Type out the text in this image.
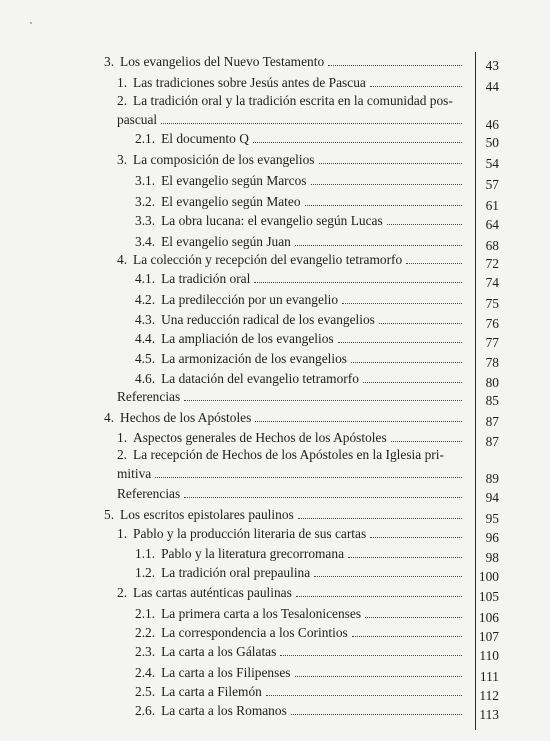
3. Los evangelios del Nuevo Testamento	43
1. Las tradiciones sobre Jesús antes de Pascua	44
2. La tradición oral y la tradición escrita en la comunidad pos-
pascual	46
2.1. El documento Q	50
3. La composición de los evangelios	54
3.1. El evangelio según Marcos	57
3.2. El evangelio según Mateo	61
3.3. La obra lucana: el evangelio según Lucas	64
3.4. El evangelio según Juan	68
4. La colección y recepción del evangelio tetramorfo	72
4.1. La tradición oral	74
4.2. La predilección por un evangelio	75
4.3. Una reducción radical de los evangelios	76
4.4. La ampliación de los evangelios	77
4.5. La armonización de los evangelios	78
4.6. La datación del evangelio tetramorfo	80
Referencias	85
4. Hechos de los Apóstoles	87
1. Aspectos generales de Hechos de los Apóstoles	87
2. La recepción de Hechos de los Apóstoles en la Iglesia pri-
mitiva	89
Referencias	94
5. Los escritos epistolares paulinos	95
1. Pablo y la producción literaria de sus cartas	96
1.1. Pablo y la literatura grecorromana	98
1.2. La tradición oral prepaulina	100
2. Las cartas auténticas paulinas	105
2.1. La primera carta a los Tesalonicenses	106
2.2. La correspondencia a los Corintios	107
2.3. La carta a los Gálatas	110
2.4. La carta a los Filipenses	111
2.5. La carta a Filemón	112
2.6. La carta a los Romanos	113
